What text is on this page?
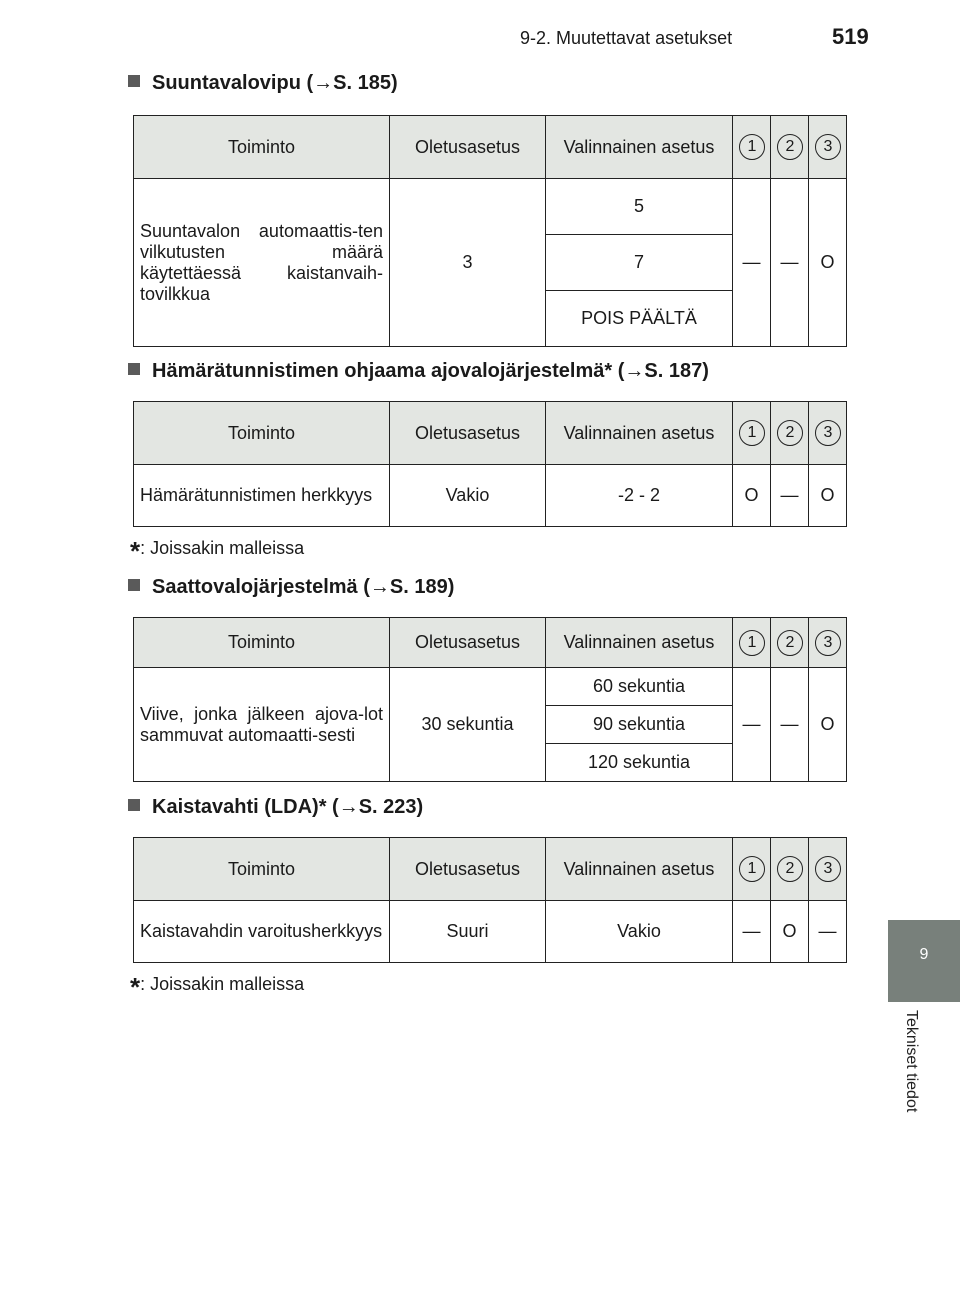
9-2. Muutettavat asetukset	519
9
Tekniset tiedot
Suuntavalovipu (→S. 185)
Toiminto	Oletusasetus	Valinnainen asetus	1	2	3
Suuntavalon automaattis-ten vilkutusten määrä käytettäessä kaistanvaih-tovilkkua	3	5	—	—	O
		7			
		POIS PÄÄLTÄ			
Hämärätunnistimen ohjaama ajovalojärjestelmä* (→S. 187)
Toiminto	Oletusasetus	Valinnainen asetus	1	2	3
Hämärätunnistimen herkkyys	Vakio	-2 - 2	O	—	O
*: Joissakin malleissa
Saattovalojärjestelmä (→S. 189)
Toiminto	Oletusasetus	Valinnainen asetus	1	2	3
Viive, jonka jälkeen ajova-lot sammuvat automaatti-sesti	30 sekuntia	60 sekuntia	—	—	O
		90 sekuntia			
		120 sekuntia			
Kaistavahti (LDA)* (→S. 223)
Toiminto	Oletusasetus	Valinnainen asetus	1	2	3
Kaistavahdin varoitusherkkyys	Suuri	Vakio	—	O	—
*: Joissakin malleissa
